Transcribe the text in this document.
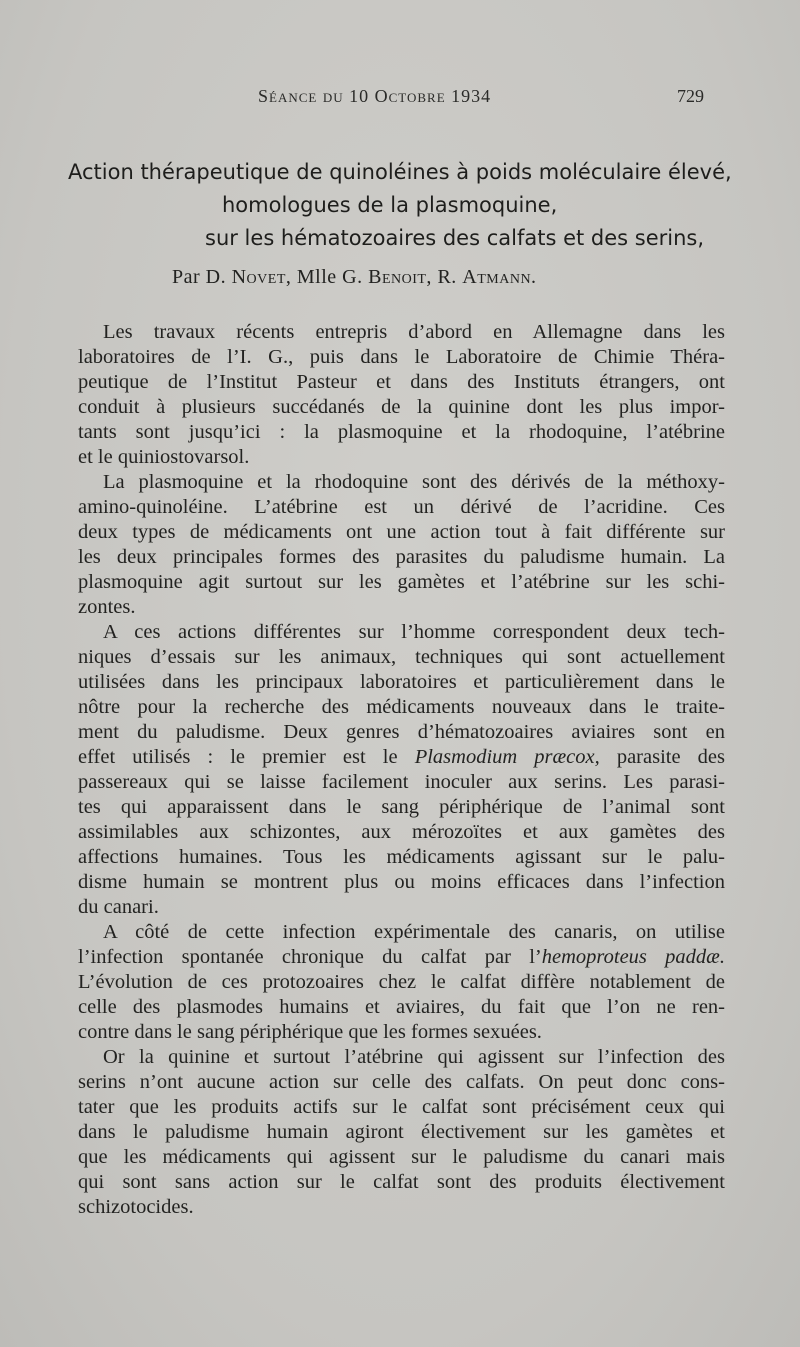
Séance du 10 Octobre 1934	729
Action thérapeutique de quinoléines à poids moléculaire élevé,
homologues de la plasmoquine,
sur les hématozoaires des calfats et des serins,
Par D. Novet, Mlle G. Benoit, R. Atmann.
Les travaux récents entrepris d’abord en Allemagne dans les
laboratoires de l’I. G., puis dans le Laboratoire de Chimie Théra-
peutique de l’Institut Pasteur et dans des Instituts étrangers, ont
conduit à plusieurs succédanés de la quinine dont les plus impor-
tants sont jusqu’ici : la plasmoquine et la rhodoquine, l’atébrine
et le quiniostovarsol.
La plasmoquine et la rhodoquine sont des dérivés de la méthoxy-
amino-quinoléine. L’atébrine est un dérivé de l’acridine. Ces
deux types de médicaments ont une action tout à fait différente sur
les deux principales formes des parasites du paludisme humain. La
plasmoquine agit surtout sur les gamètes et l’atébrine sur les schi-
zontes.
A ces actions différentes sur l’homme correspondent deux tech-
niques d’essais sur les animaux, techniques qui sont actuellement
utilisées dans les principaux laboratoires et particulièrement dans le
nôtre pour la recherche des médicaments nouveaux dans le traite-
ment du paludisme. Deux genres d’hématozoaires aviaires sont en
effet utilisés : le premier est le Plasmodium præcox, parasite des
passereaux qui se laisse facilement inoculer aux serins. Les parasi-
tes qui apparaissent dans le sang périphérique de l’animal sont
assimilables aux schizontes, aux mérozoïtes et aux gamètes des
affections humaines. Tous les médicaments agissant sur le palu-
disme humain se montrent plus ou moins efficaces dans l’infection
du canari.
A côté de cette infection expérimentale des canaris, on utilise
l’infection spontanée chronique du calfat par l’hemoproteus paddæ.
L’évolution de ces protozoaires chez le calfat diffère notablement de
celle des plasmodes humains et aviaires, du fait que l’on ne ren-
contre dans le sang périphérique que les formes sexuées.
Or la quinine et surtout l’atébrine qui agissent sur l’infection des
serins n’ont aucune action sur celle des calfats. On peut donc cons-
tater que les produits actifs sur le calfat sont précisément ceux qui
dans le paludisme humain agiront électivement sur les gamètes et
que les médicaments qui agissent sur le paludisme du canari mais
qui sont sans action sur le calfat sont des produits électivement
schizotocides.
